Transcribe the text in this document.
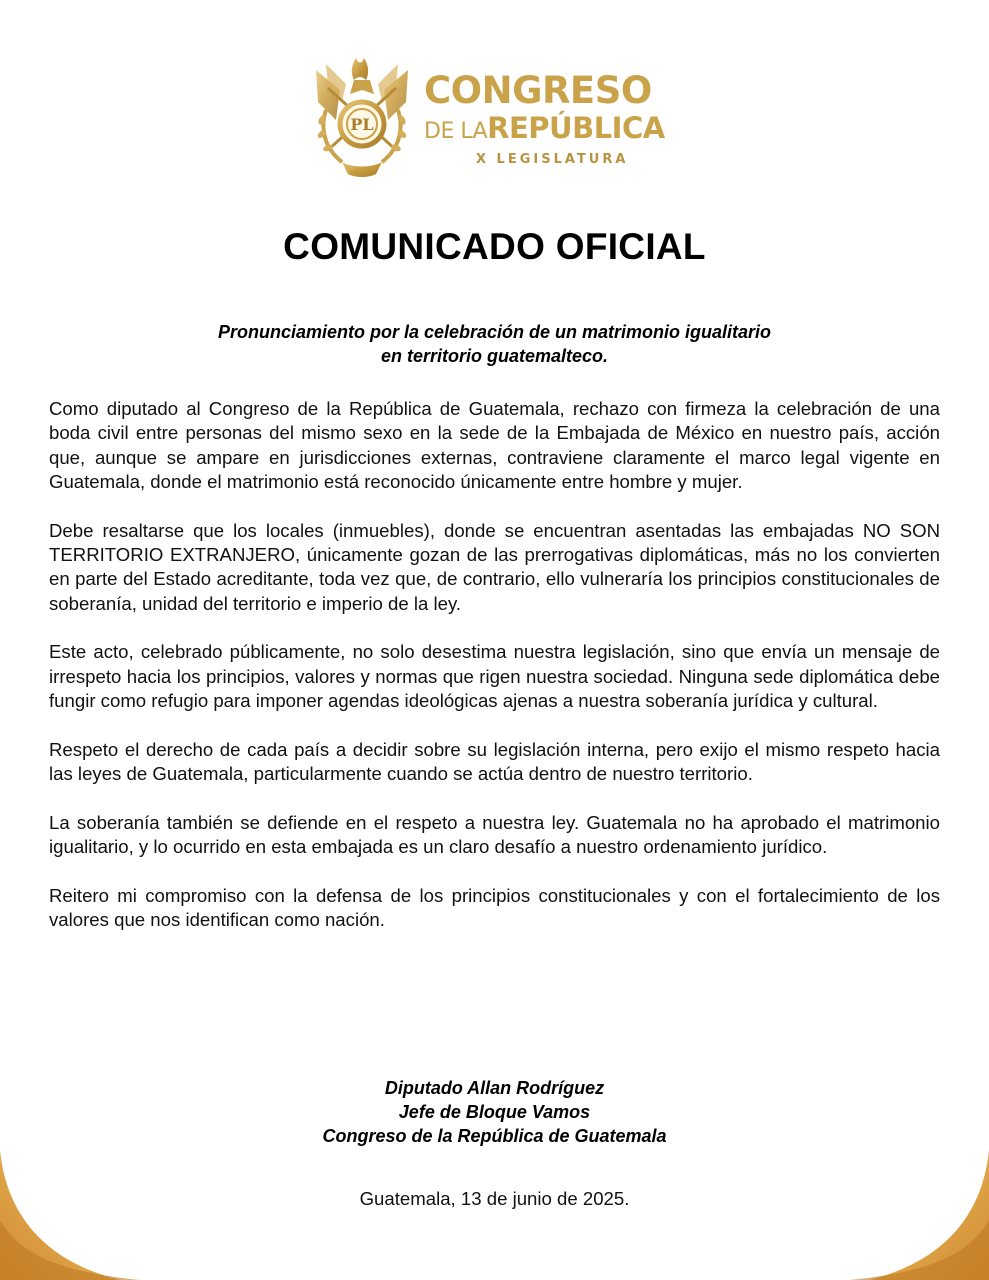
PL
CONGRESO
DE LAREPÚBLICA
X LEGISLATURA
COMUNICADO OFICIAL
Pronunciamiento por la celebración de un matrimonio igualitario
en territorio guatemalteco.

Como diputado al Congreso de la República de Guatemala, rechazo con firmeza la celebración de una boda civil entre personas del mismo sexo en la sede de la Embajada de México en nuestro país, acción que, aunque se ampare en jurisdicciones externas, contraviene claramente el marco legal vigente en Guatemala, donde el matrimonio está reconocido únicamente entre hombre y mujer.

Debe resaltarse que los locales (inmuebles), donde se encuentran asentadas las embajadas NO SON TERRITORIO EXTRANJERO, únicamente gozan de las prerrogativas diplomáticas, más no los convierten en parte del Estado acreditante, toda vez que, de contrario, ello vulneraría los principios constitucionales de soberanía, unidad del territorio e imperio de la ley.

Este acto, celebrado públicamente, no solo desestima nuestra legislación, sino que envía un mensaje de irrespeto hacia los principios, valores y normas que rigen nuestra sociedad. Ninguna sede diplomática debe fungir como refugio para imponer agendas ideológicas ajenas a nuestra soberanía jurídica y cultural.

Respeto el derecho de cada país a decidir sobre su legislación interna, pero exijo el mismo respeto hacia las leyes de Guatemala, particularmente cuando se actúa dentro de nuestro territorio.

La soberanía también se defiende en el respeto a nuestra ley. Guatemala no ha aprobado el matrimonio igualitario, y lo ocurrido en esta embajada es un claro desafío a nuestro ordenamiento jurídico.

Reitero mi compromiso con la defensa de los principios constitucionales y con el fortalecimiento de los valores que nos identifican como nación.

Diputado Allan Rodríguez
Jefe de Bloque Vamos
Congreso de la República de Guatemala
Guatemala, 13 de junio de 2025.
